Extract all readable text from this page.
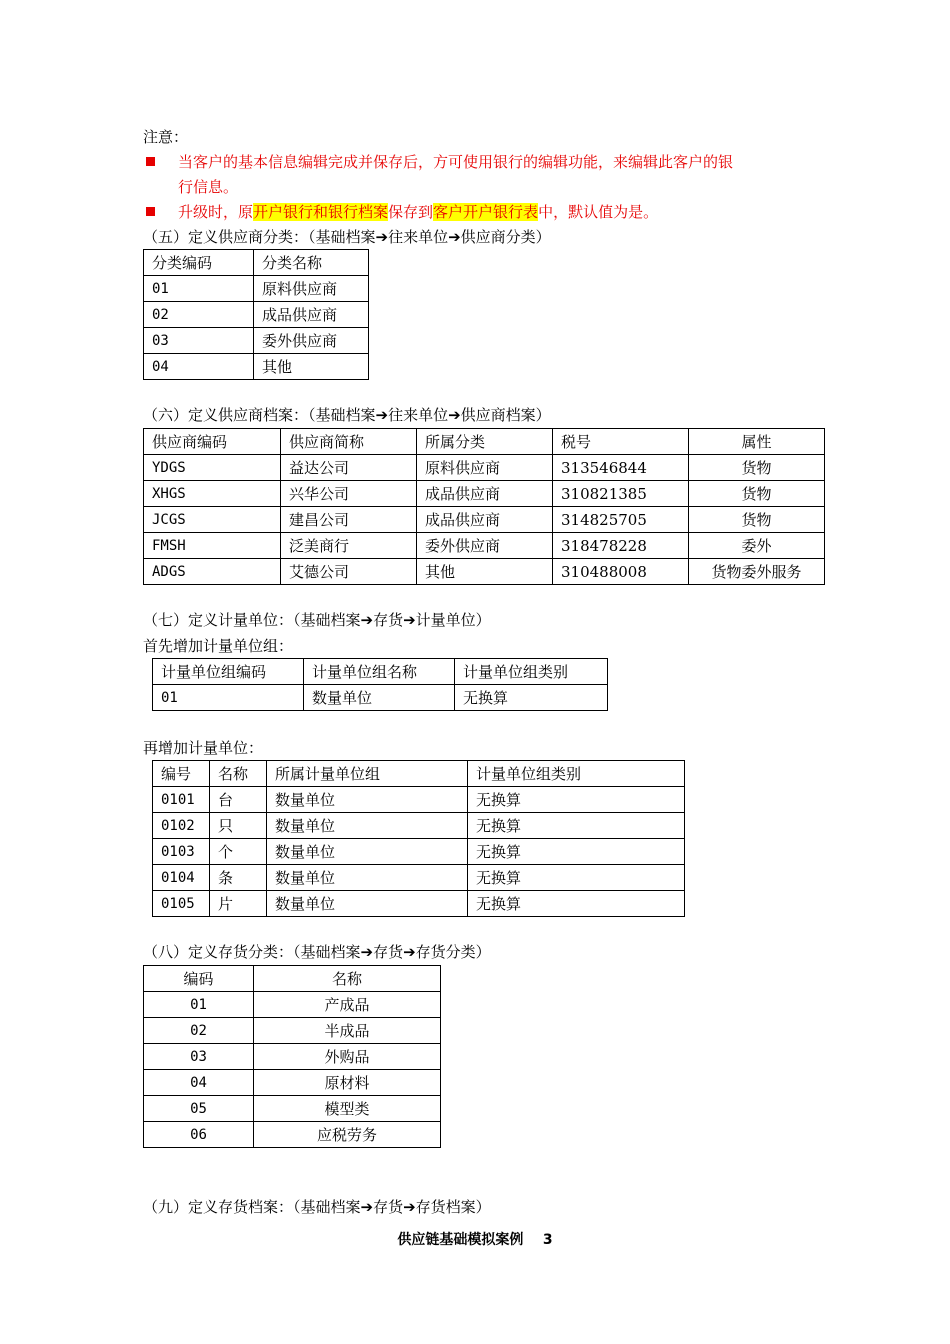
注意：
当客户的基本信息编辑完成并保存后，方可使用银行的编辑功能，来编辑此客户的银
行信息。
升级时，原开户银行和银行档案保存到客户开户银行表中，默认值为是。
（五）定义供应商分类：（基础档案➔往来单位➔供应商分类）
分类编码	分类名称
01	原料供应商
02	成品供应商
03	委外供应商
04	其他
（六）定义供应商档案：（基础档案➔往来单位➔供应商档案）
供应商编码	供应商简称	所属分类	税号	属性
YDGS	益达公司	原料供应商	313546844	货物
XHGS	兴华公司	成品供应商	310821385	货物
JCGS	建昌公司	成品供应商	314825705	货物
FMSH	泛美商行	委外供应商	318478228	委外
ADGS	艾德公司	其他	310488008	货物委外服务
（七）定义计量单位：（基础档案➔存货➔计量单位）
首先增加计量单位组：
计量单位组编码	计量单位组名称	计量单位组类别
01	数量单位	无换算
再增加计量单位：
编号	名称	所属计量单位组	计量单位组类别
0101	台	数量单位	无换算
0102	只	数量单位	无换算
0103	个	数量单位	无换算
0104	条	数量单位	无换算
0105	片	数量单位	无换算
（八）定义存货分类：（基础档案➔存货➔存货分类）
编码	名称
01	产成品
02	半成品
03	外购品
04	原材料
05	模型类
06	应税劳务
（九）定义存货档案：（基础档案➔存货➔存货档案）
供应链基础模拟案例 3
